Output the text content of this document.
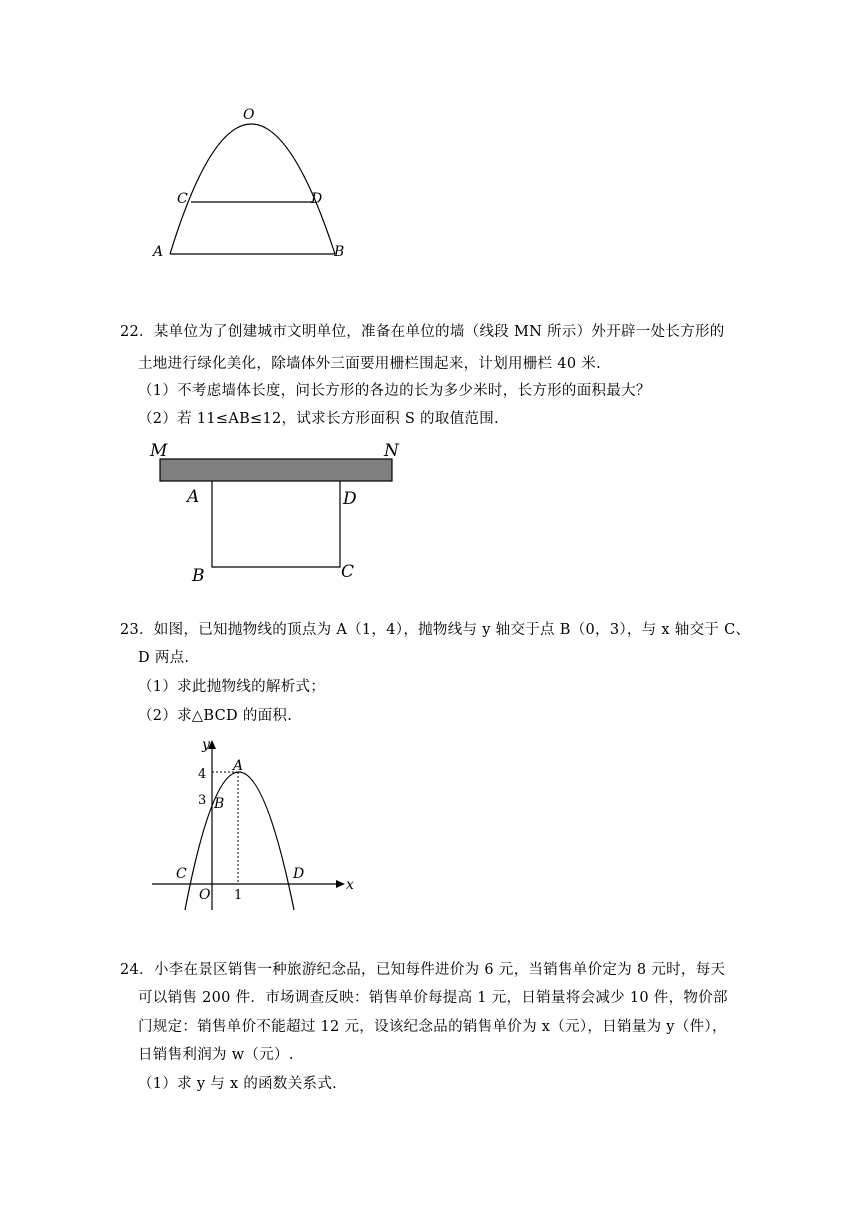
O
C	D
A	B
22．某单位为了创建城市文明单位，准备在单位的墙（线段 MN 所示）外开辟一处长方形的
土地进行绿化美化，除墙体外三面要用栅栏围起来，计划用栅栏 40 米.
（1）不考虑墙体长度，问长方形的各边的长为多少米时，长方形的面积最大？
（2）若 11≤AB≤12，试求长方形面积 S 的取值范围.
M	N
A	D
B	C
23．如图，已知抛物线的顶点为 A（1，4），抛物线与 y 轴交于点 B（0，3），与 x 轴交于 C、
D 两点.
（1）求此抛物线的解析式；
（2）求△BCD 的面积.
y
x
A
B
C	D
O
4
3
1
24．小李在景区销售一种旅游纪念品，已知每件进价为 6 元，当销售单价定为 8 元时，每天
可以销售 200 件．市场调查反映：销售单价每提高 1 元，日销量将会减少 10 件，物价部
门规定：销售单价不能超过 12 元，设该纪念品的销售单价为 x（元），日销量为 y（件），
日销售利润为 w（元）.
（1）求 y 与 x 的函数关系式.
